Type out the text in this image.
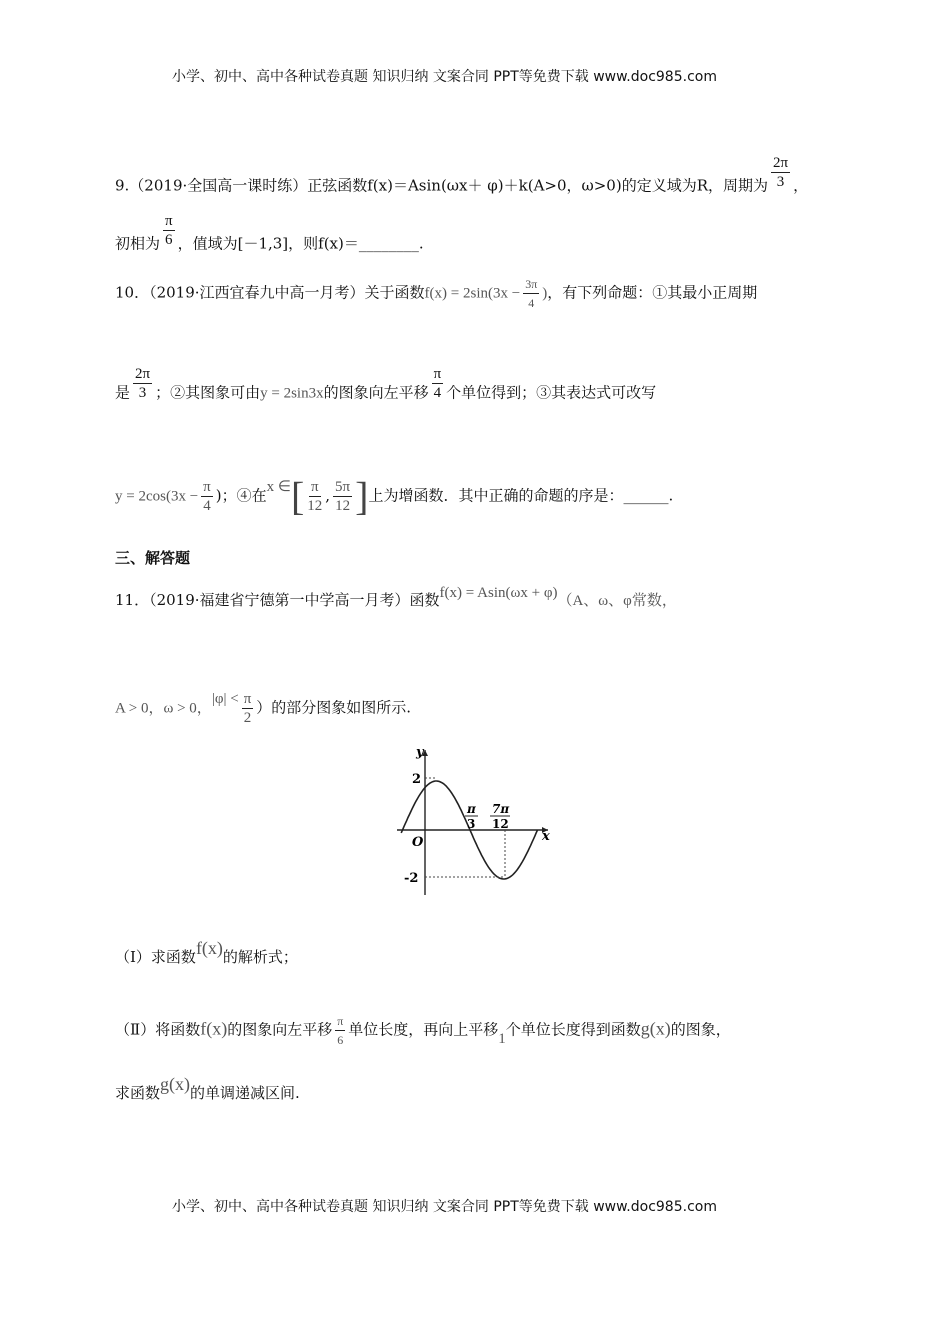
小学、初中、高中各种试卷真题 知识归纳 文案合同 PPT等免费下载 www.doc985.com
9.（2019·全国高一课时练）正弦函数f(x)＝Asin(ωx＋ φ)＋k(A>0，ω>0)的定义域为R，周期为 $\frac{2\pi}{3}$ ，
初相为 $\frac{\pi}{6}$ ，值域为[－1,3]，则f(x)＝________.
10．（2019·江西宜春九中高一月考）关于函数$f(x) = 2\sin(3x - \frac{3\pi}{4}$ )，有下列命题：①其最小正周期
是 $\frac{2\pi}{3}$ ；②其图象可由y = 2sin3x的图象向左平移 $\frac{\pi}{4}$ 个单位得到；③其表达式可改写
$y = 2\cos(3x - \frac{\pi}{4}$ )；④在x ∈[ $\frac{\pi}{12}$ , $\frac{5\pi}{12}$ ]上为增函数．其中正确的命题的序是：______.
三、解答题
11．（2019·福建省宁德第一中学高一月考）函数f(x) = Asin(ωx + φ)（A、ω、φ常数，
A > 0，ω > 0，$|\varphi| < \frac{\pi}{2}$ ）的部分图象如图所示.
y
x
O
2
-2
π
3
7π
12
（Ⅰ）求函数f(x)的解析式；
（Ⅱ）将函数f(x)的图象向左平移 $\frac{\pi}{6}$ 单位长度，再向上平移1个单位长度得到函数g(x)的图象，
求函数g(x)的单调递减区间.
小学、初中、高中各种试卷真题 知识归纳 文案合同 PPT等免费下载 www.doc985.com
